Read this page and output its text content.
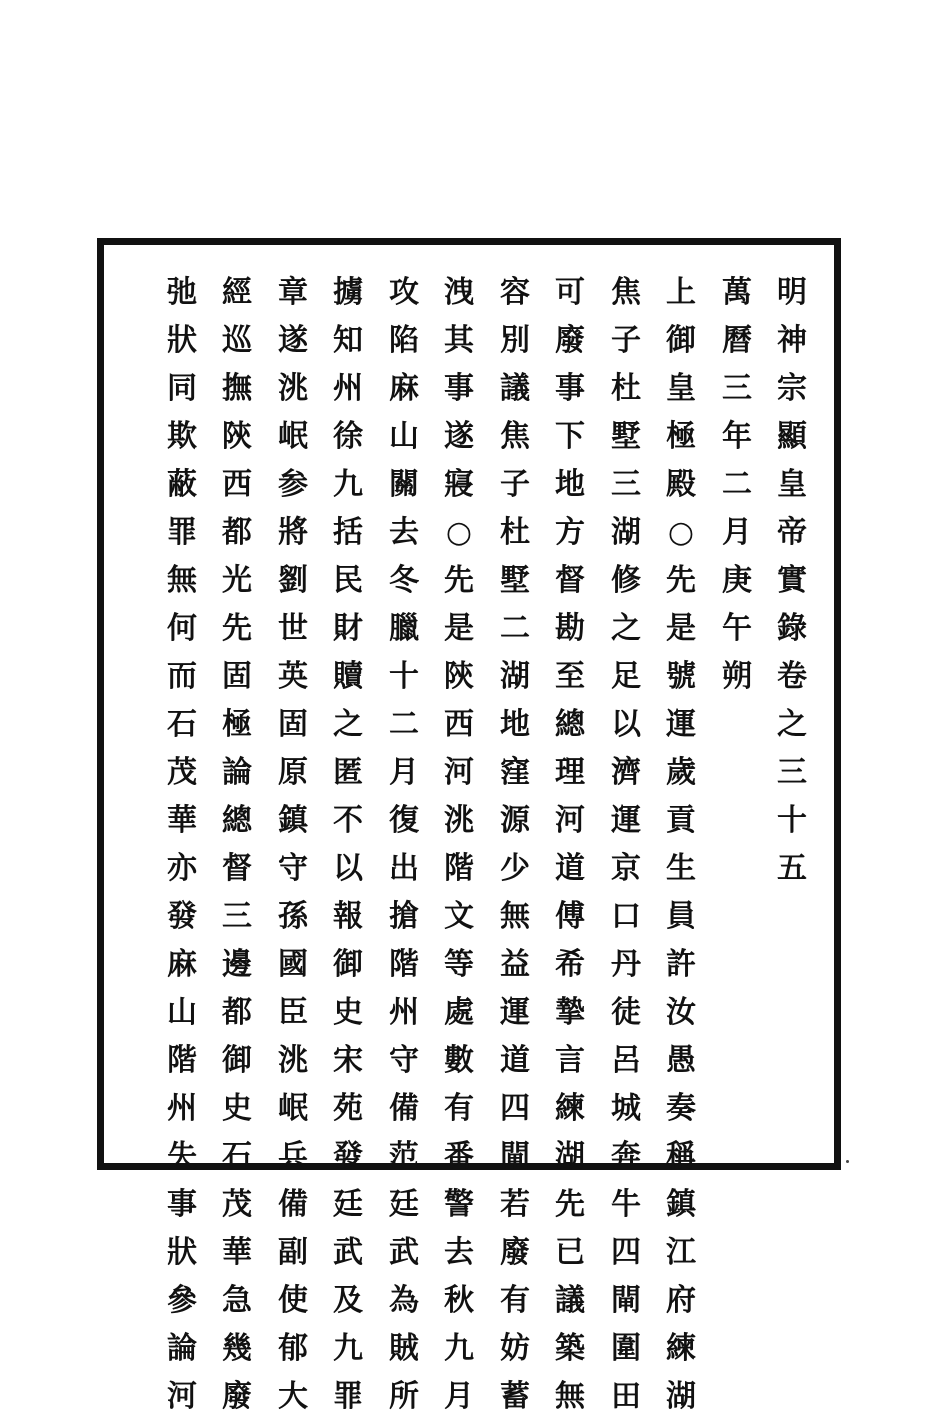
明
神
宗
顯
皇
帝
實
錄
卷
之
三
十
五
萬
曆
三
年
二
月
庚
午
朔
上
御
皇
極
殿
○
先
是
號
運
歲
貢
生
員
許
汝
愚
奏
稱
鎮
江
府
練
湖
焦
子
杜
墅
三
湖
修
之
足
以
濟
運
京
口
丹
徒
呂
城
奔
牛
四
閘
圍
田
可
廢
事
下
地
方
督
勘
至
總
理
河
道
傅
希
摯
言
練
湖
先
已
議
築
無
容
別
議
焦
子
杜
墅
二
湖
地
窪
源
少
無
益
運
道
四
閘
若
廢
有
妨
蓄
洩
其
事
遂
寢
○
先
是
陝
西
河
洮
階
文
等
處
數
有
番
警
去
秋
九
月
攻
陷
麻
山
關
去
冬
臘
十
二
月
復
出
搶
階
州
守
備
范
廷
武
為
賊
所
擄
知
州
徐
九
括
民
財
贖
之
匿
不
以
報
御
史
宋
苑
發
廷
武
及
九
罪
章
遂
洮
岷
参
將
劉
世
英
固
原
鎮
守
孫
國
臣
洮
岷
兵
備
副
使
郁
大
經
巡
撫
陝
西
都
光
先
固
極
論
總
督
三
邊
都
御
史
石
茂
華
急
幾
廢
弛
狀
同
欺
蔽
罪
無
何
而
石
茂
華
亦
發
麻
山
階
州
失
事
狀
參
論
河
